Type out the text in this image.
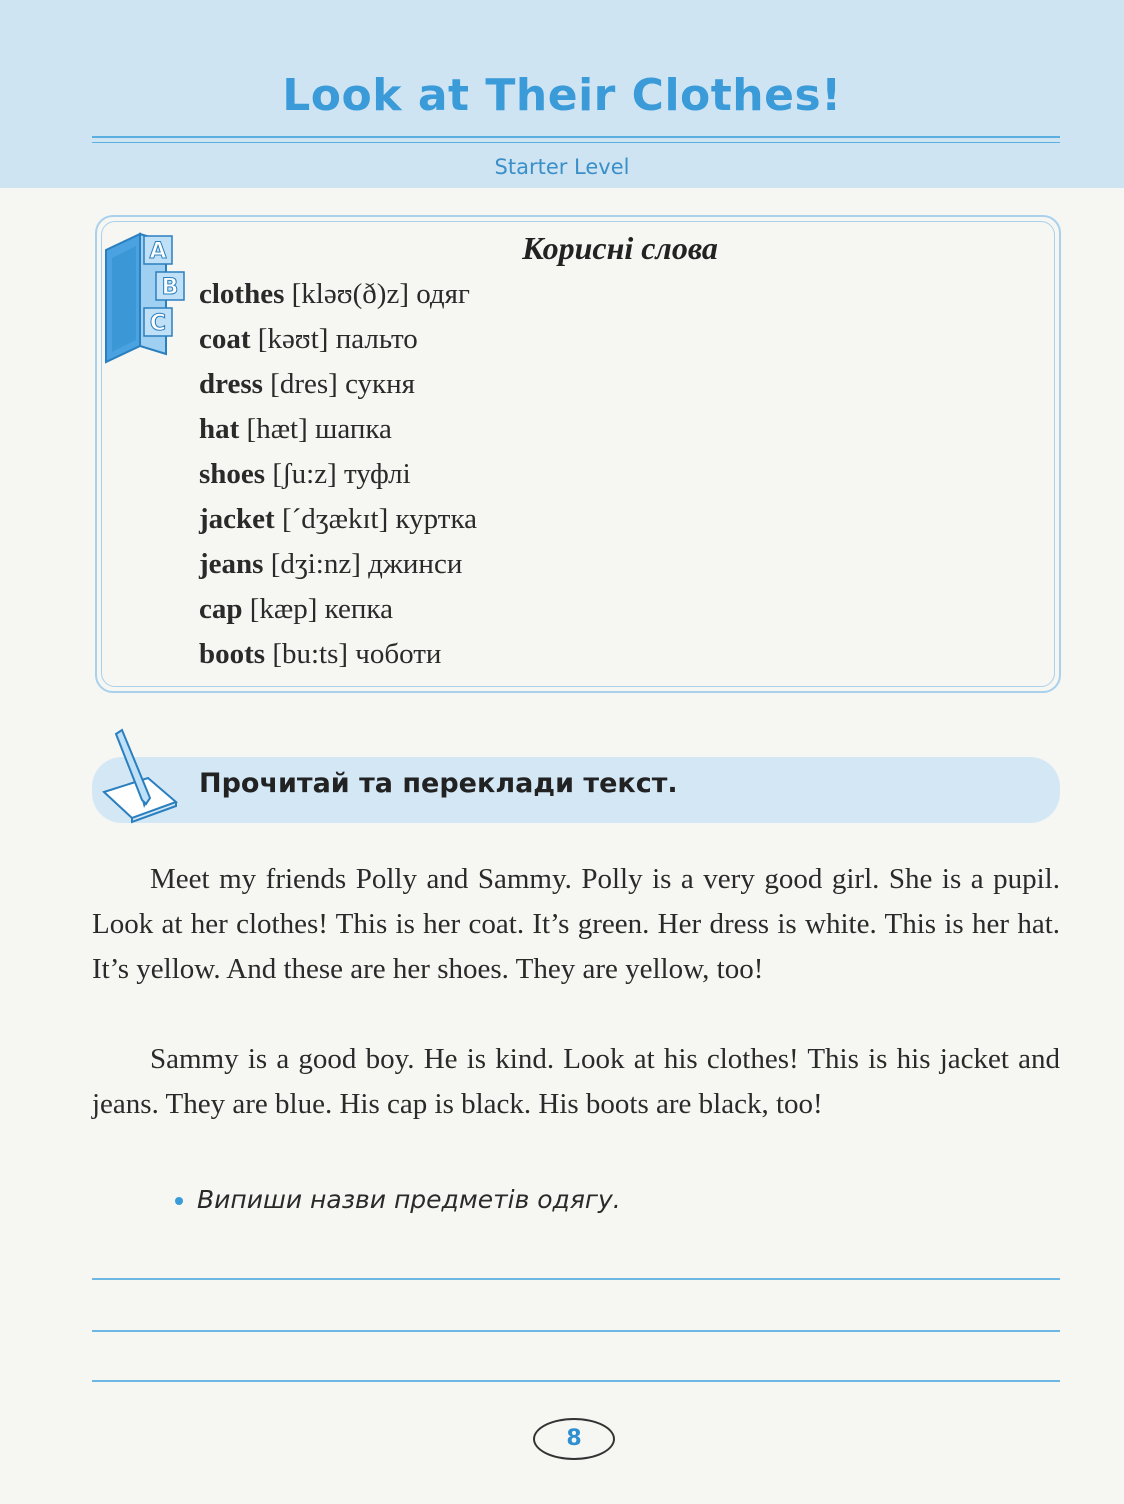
Look at Their Clothes!
Starter Level
A
B
C
Корисні слова
clothes [kləʊ(ð)z] одяг
coat [kəʊt] пальто
dress [dres] сукня
hat [hæt] шапка
shoes [ʃu:z] туфлі
jacket [ˊdʒækɪt] куртка
jeans [dʒi:nz] джинси
cap [kæp] кепка
boots [bu:ts] чоботи
Прочитай та переклади текст.

Meet my friends Polly and Sammy. Polly is a very good girl. She is a pupil. Look at her clothes! This is her coat. It’s green. Her dress is white. This is her hat. It’s yellow. And these are her shoes. They are yellow, too!

Sammy is a good boy. He is kind. Look at his clothes! This is his jacket and jeans. They are blue. His cap is black. His boots are black, too!

Випиши назви предметів одягу.
8
